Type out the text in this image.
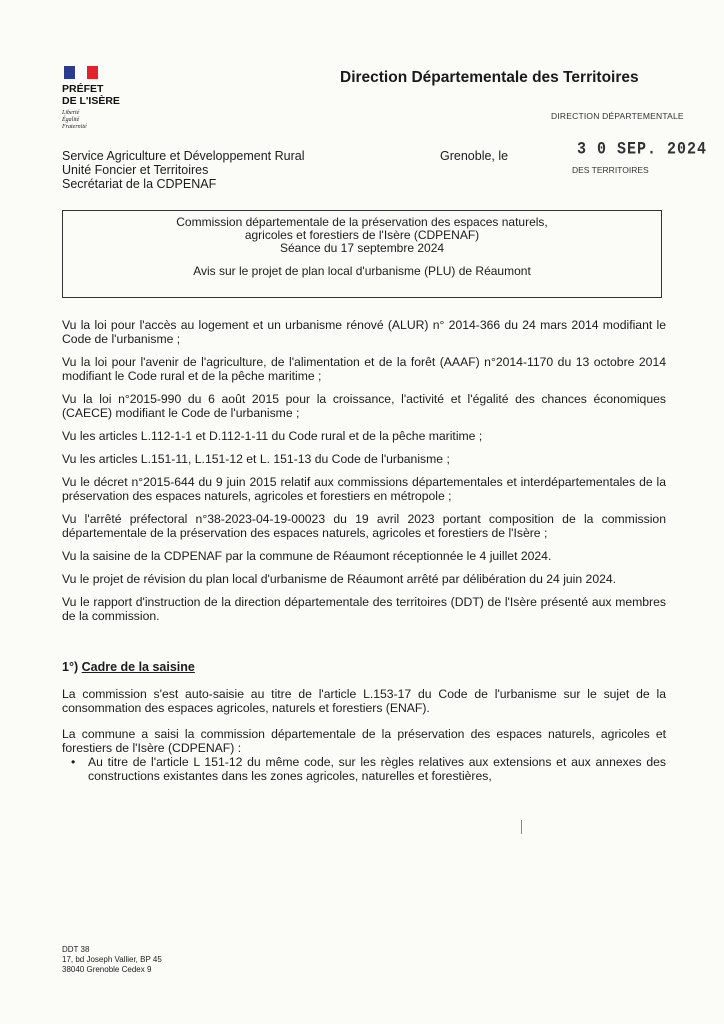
PRÉFET
DE L'ISÈRE
Liberté
Égalité
Fraternité
Direction Départementale des Territoires
DIRECTION DÉPARTEMENTALE
Grenoble, le	3 0 SEP. 2024
DES TERRITOIRES
Service Agriculture et Développement Rural
Unité Foncier et Territoires
Secrétariat de la CDPENAF
Commission départementale de la préservation des espaces naturels,
agricoles et forestiers de l'Isère (CDPENAF)
Séance du 17 septembre 2024
Avis sur le projet de plan local d'urbanisme (PLU) de Réaumont

Vu la loi pour l'accès au logement et un urbanisme rénové (ALUR) n° 2014-366 du 24 mars 2014 modifiant le Code de l'urbanisme ;

Vu la loi pour l'avenir de l'agriculture, de l'alimentation et de la forêt (AAAF) n°2014-1170 du 13 octobre 2014 modifiant le Code rural et de la pêche maritime ;

Vu la loi n°2015-990 du 6 août 2015 pour la croissance, l'activité et l'égalité des chances économiques (CAECE) modifiant le Code de l'urbanisme ;

Vu les articles L.112-1-1 et D.112-1-11 du Code rural et de la pêche maritime ;

Vu les articles L.151-11, L.151-12 et L. 151-13 du Code de l'urbanisme ;

Vu le décret n°2015-644 du 9 juin 2015 relatif aux commissions départementales et interdépartementales de la préservation des espaces naturels, agricoles et forestiers en métropole ;

Vu l'arrêté préfectoral n°38-2023-04-19-00023 du 19 avril 2023 portant composition de la commission départementale de la préservation des espaces naturels, agricoles et forestiers de l'Isère ;

Vu la saisine de la CDPENAF par la commune de Réaumont réceptionnée le 4 juillet 2024.

Vu le projet de révision du plan local d'urbanisme de Réaumont arrêté par délibération du 24 juin 2024.

Vu le rapport d'instruction de la direction départementale des territoires (DDT) de l'Isère présenté aux membres de la commission.

1°) Cadre de la saisine

La commission s'est auto-saisie au titre de l'article L.153-17 du Code de l'urbanisme sur le sujet de la consommation des espaces agricoles, naturels et forestiers (ENAF).

La commune a saisi la commission départementale de la préservation des espaces naturels, agricoles et forestiers de l'Isère (CDPENAF) :

• Au titre de l'article L 151-12 du même code, sur les règles relatives aux extensions et aux annexes des constructions existantes dans les zones agricoles, naturelles et forestières,
DDT 38
17, bd Joseph Vallier, BP 45
38040 Grenoble Cedex 9
